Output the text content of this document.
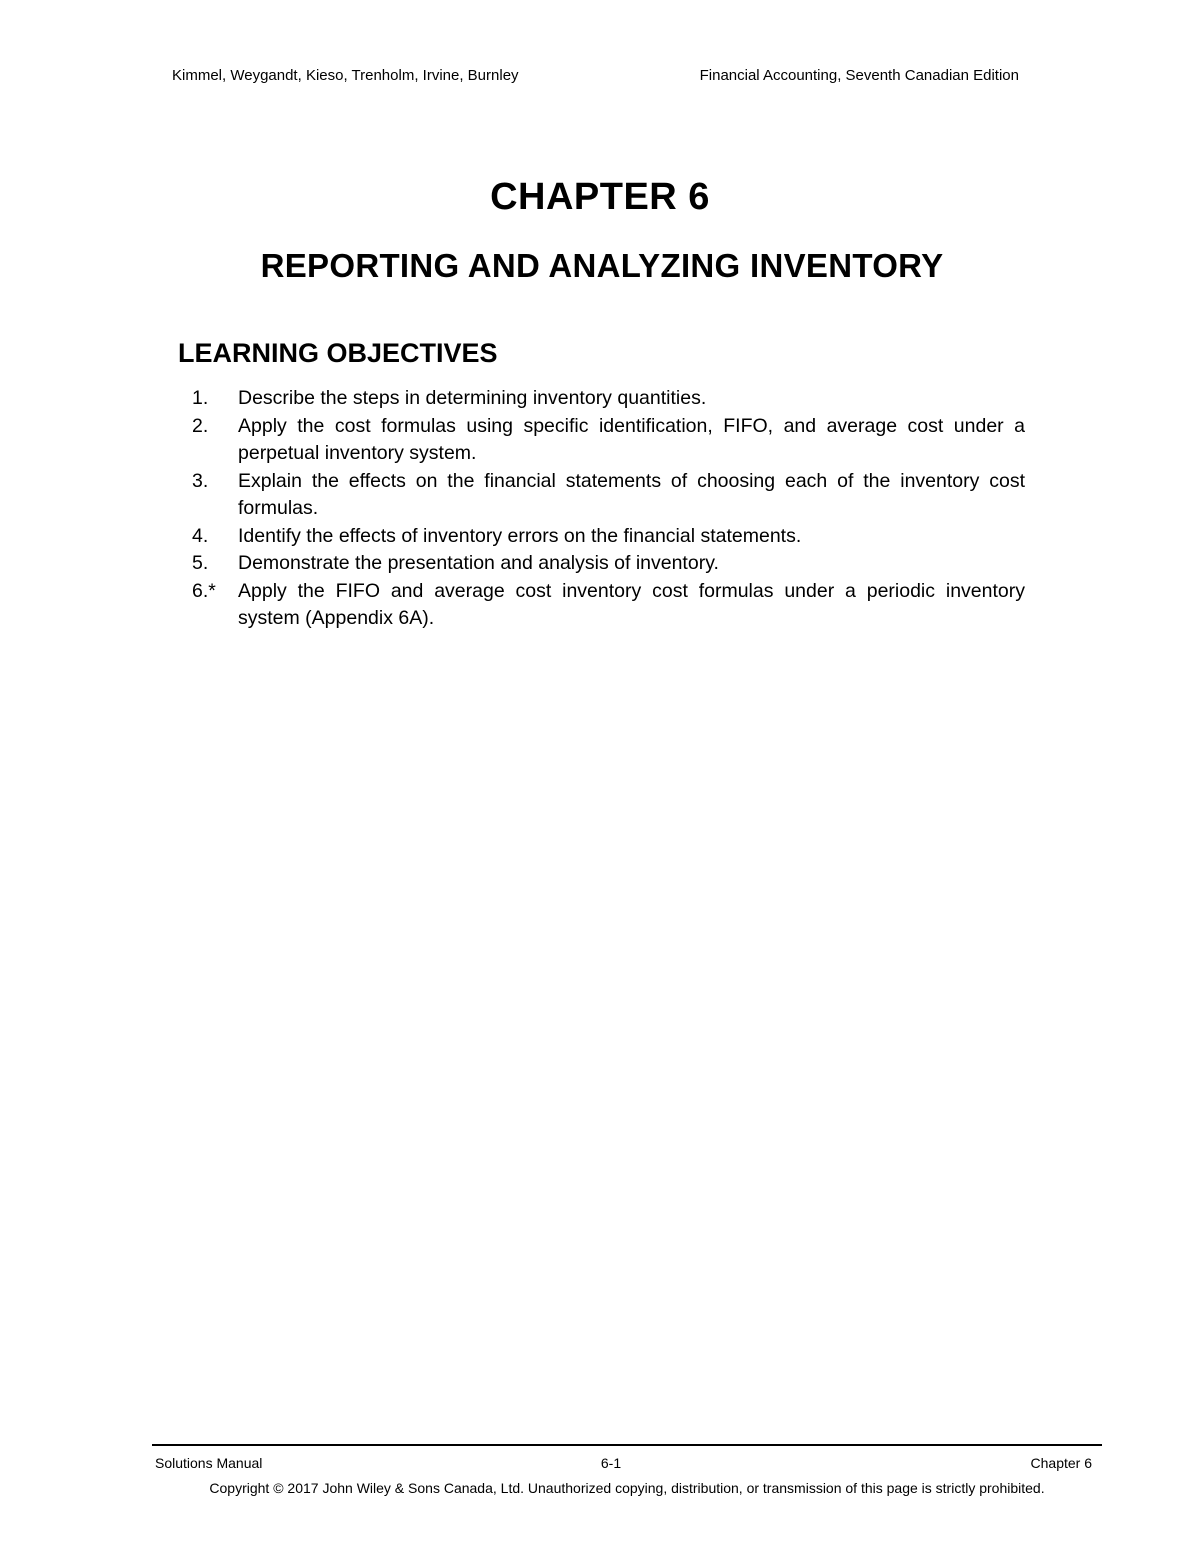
Kimmel, Weygandt, Kieso, Trenholm, Irvine, Burnley	Financial Accounting, Seventh Canadian Edition
CHAPTER 6
REPORTING AND ANALYZING INVENTORY
LEARNING OBJECTIVES
1.	Describe the steps in determining inventory quantities.
2.	Apply the cost formulas using specific identification, FIFO, and average cost under a perpetual inventory system.
3.	Explain the effects on the financial statements of choosing each of the inventory cost formulas.
4.	Identify the effects of inventory errors on the financial statements.
5.	Demonstrate the presentation and analysis of inventory.
6.*	Apply the FIFO and average cost inventory cost formulas under a periodic inventory system (Appendix 6A).
Solutions Manual	6-1	Chapter 6
Copyright © 2017 John Wiley & Sons Canada, Ltd. Unauthorized copying, distribution, or transmission of this page is strictly prohibited.
